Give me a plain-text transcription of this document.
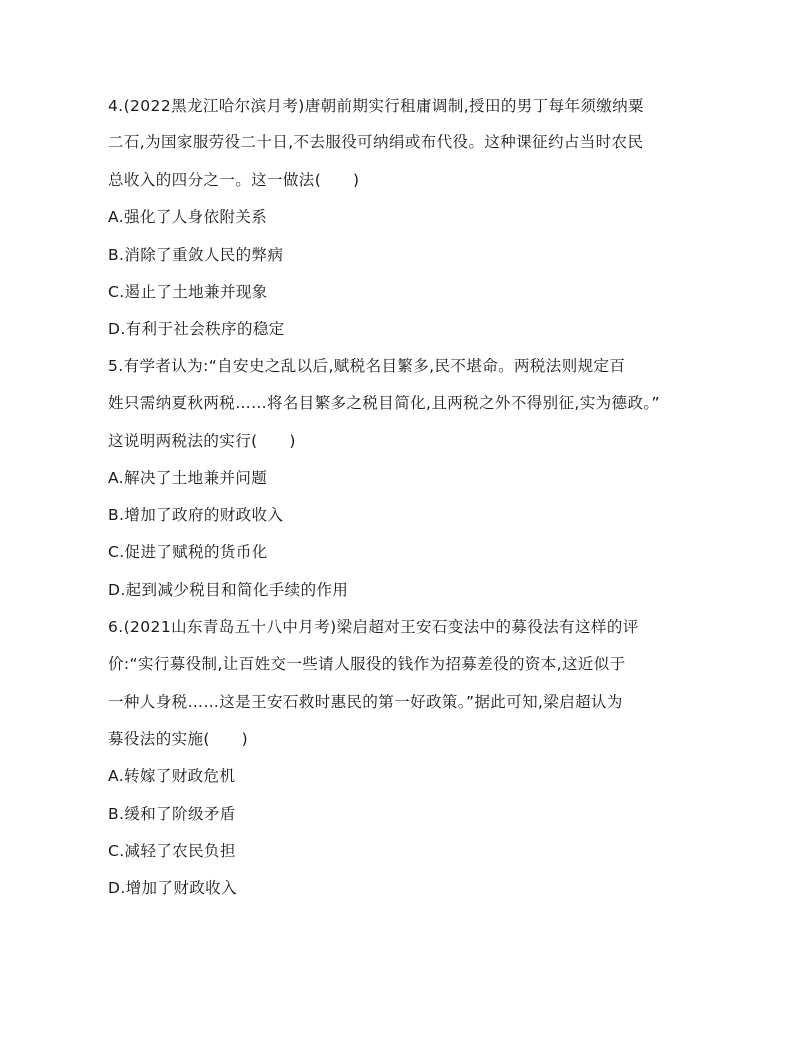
4.(2022黑龙江哈尔滨月考)唐朝前期实行租庸调制,授田的男丁每年须缴纳粟
二石,为国家服劳役二十日,不去服役可纳绢或布代役。这种课征约占当时农民
总收入的四分之一。这一做法(　　)
A.强化了人身依附关系
B.消除了重敛人民的弊病
C.遏止了土地兼并现象
D.有利于社会秩序的稳定
5.有学者认为:“自安史之乱以后,赋税名目繁多,民不堪命。两税法则规定百
姓只需纳夏秋两税……将名目繁多之税目简化,且两税之外不得别征,实为德政。”
这说明两税法的实行(　　)
A.解决了土地兼并问题
B.增加了政府的财政收入
C.促进了赋税的货币化
D.起到减少税目和简化手续的作用
6.(2021山东青岛五十八中月考)梁启超对王安石变法中的募役法有这样的评
价:“实行募役制,让百姓交一些请人服役的钱作为招募差役的资本,这近似于
一种人身税……这是王安石救时惠民的第一好政策。”据此可知,梁启超认为
募役法的实施(　　)
A.转嫁了财政危机
B.缓和了阶级矛盾
C.减轻了农民负担
D.增加了财政收入
